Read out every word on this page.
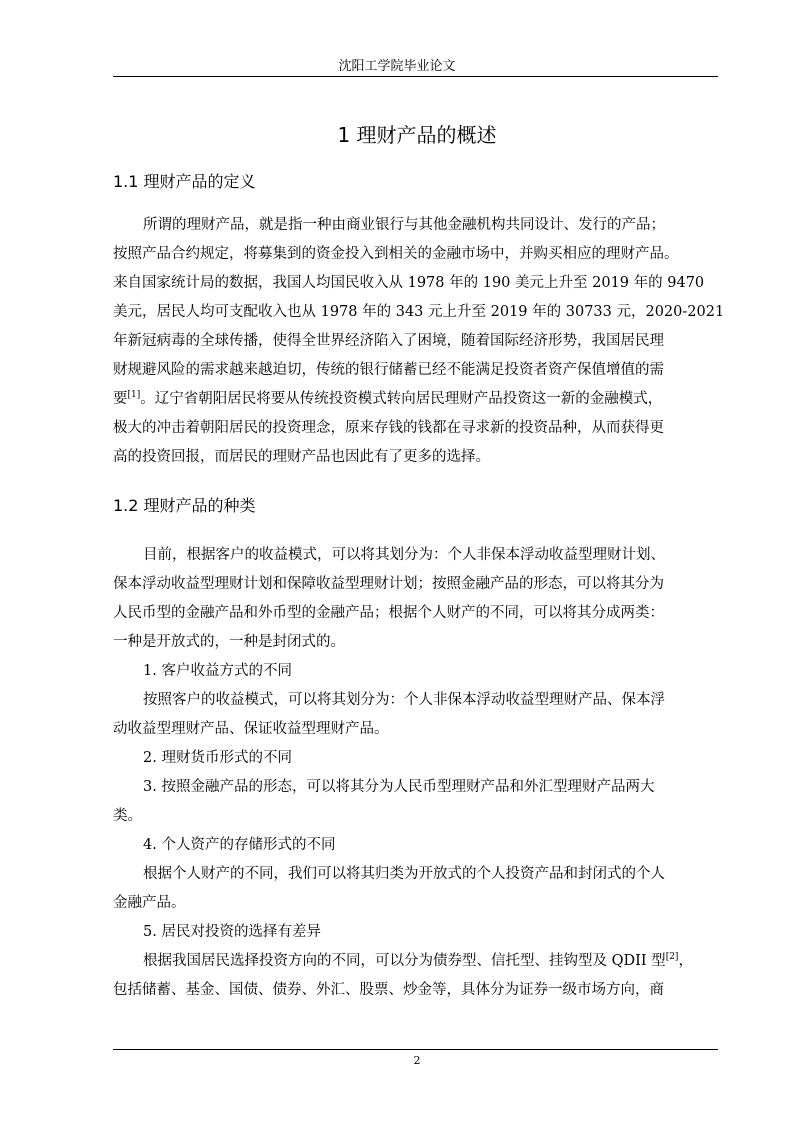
沈阳工学院毕业论文
1 理财产品的概述
1.1 理财产品的定义
所谓的理财产品，就是指一种由商业银行与其他金融机构共同设计、发行的产品；
按照产品合约规定，将募集到的资金投入到相关的金融市场中，并购买相应的理财产品。
来自国家统计局的数据，我国人均国民收入从 1978 年的 190 美元上升至 2019 年的 9470
美元，居民人均可支配收入也从 1978 年的 343 元上升至 2019 年的 30733 元，2020-2021
年新冠病毒的全球传播，使得全世界经济陷入了困境，随着国际经济形势，我国居民理
财规避风险的需求越来越迫切，传统的银行储蓄已经不能满足投资者资产保值增值的需
要[1]。辽宁省朝阳居民将要从传统投资模式转向居民理财产品投资这一新的金融模式，
极大的冲击着朝阳居民的投资理念，原来存钱的钱都在寻求新的投资品种，从而获得更
高的投资回报，而居民的理财产品也因此有了更多的选择。
1.2 理财产品的种类
目前，根据客户的收益模式，可以将其划分为：个人非保本浮动收益型理财计划、
保本浮动收益型理财计划和保障收益型理财计划；按照金融产品的形态，可以将其分为
人民币型的金融产品和外币型的金融产品；根据个人财产的不同，可以将其分成两类：
一种是开放式的，一种是封闭式的。
1. 客户收益方式的不同
按照客户的收益模式，可以将其划分为：个人非保本浮动收益型理财产品、保本浮
动收益型理财产品、保证收益型理财产品。
2. 理财货币形式的不同
3. 按照金融产品的形态，可以将其分为人民币型理财产品和外汇型理财产品两大
类。
4. 个人资产的存储形式的不同
根据个人财产的不同，我们可以将其归类为开放式的个人投资产品和封闭式的个人
金融产品。
5. 居民对投资的选择有差异
根据我国居民选择投资方向的不同，可以分为债券型、信托型、挂钩型及 QDII 型[2]，
包括储蓄、基金、国债、债券、外汇、股票、炒金等，具体分为证券一级市场方向，商
2
